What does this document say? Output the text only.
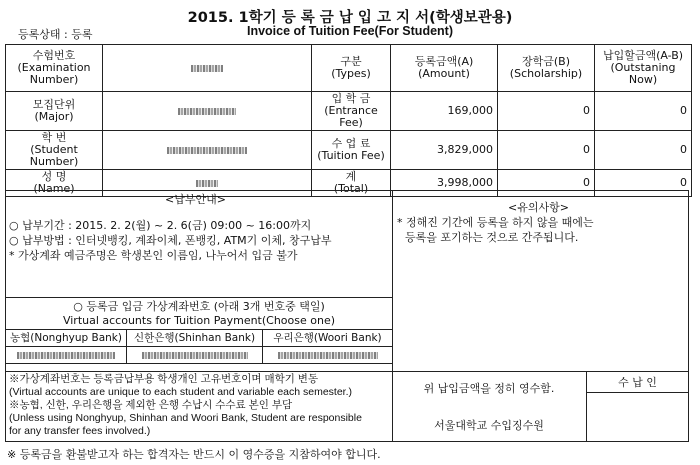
2015. 1학기 등 록 금 납 입 고 지 서(학생보관용)
등록상태 : 등록	Invoice of Tuition Fee(For Student)
수험번호
(Examination
Number)		구분
(Types)	등록금액(A)
(Amount)	장학금(B)
(Scholarship)	납입할금액(A-B)
(Outstaning Now)
모집단위
(Major)		입 학 금
(Entrance Fee)	169,000	0	0
학 번
(Student Number)		수 업 료
(Tuition Fee)	3,829,000	0	0
성 명
(Name)		계
(Total)	3,998,000	0	0
<납부안내>
○ 납부기간 : 2015. 2. 2(월) ~ 2. 6(금) 09:00 ~ 16:00까지
○ 납부방법 : 인터넷뱅킹, 계좌이체, 폰뱅킹, ATM기 이체, 창구납부
* 가상계좌 예금주명은 학생본인 이름임, 나누어서 입금 불가
<유의사항>
* 정해진 기간에 등록을 하지 않을 때에는
등록을 포기하는 것으로 간주됩니다.
○ 등록금 입금 가상계좌번호 (아래 3개 번호중 택일)
Virtual accounts for Tuition Payment(Choose one)		

농협(Nonghyup Bank)	신한은행(Shinhan Bank)	우리은행(Woori Bank)

※가상계좌번호는 등록금납부용 학생개인 고유번호이며 매학기 변동
(Virtual accounts are unique to each student and variable each semester.)
※농협, 신한, 우리은행을 제외한 은행 수납시 수수료 본인 부담
(Unless using Nonghyup, Shinhan and Woori Bank, Student are responsible
for any transfer fees involved.)
위 납입금액을 정히 영수함.
서울대학교 수입징수원
수 납 인
※ 등록금을 환불받고자 하는 합격자는 반드시 이 영수증을 지참하여야 합니다.
